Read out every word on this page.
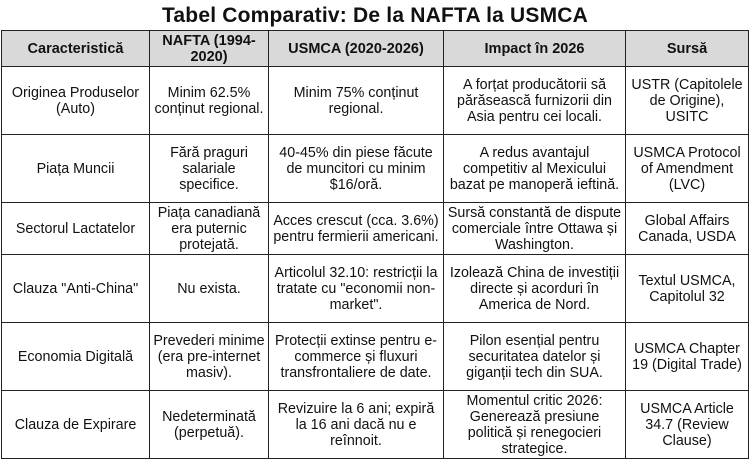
Tabel Comparativ: De la NAFTA la USMCA
Caracteristică	NAFTA (1994-2020)	USMCA (2020-2026)	Impact în 2026	Sursă
Originea Produselor (Auto)	Minim 62.5% conținut regional.	Minim 75% conținut regional.	A forțat producătorii să părăsească furnizorii din Asia pentru cei locali.	USTR (Capitolele de Origine), USITC
Piața Muncii	Fără praguri salariale specifice.	40-45% din piese făcute de muncitori cu minim $16/oră.	A redus avantajul competitiv al Mexicului bazat pe manoperă ieftină.	USMCA Protocol of Amendment (LVC)
Sectorul Lactatelor	Piața canadiană era puternic protejată.	Acces crescut (cca. 3.6%) pentru fermierii americani.	Sursă constantă de dispute comerciale între Ottawa și Washington.	Global Affairs Canada, USDA
Clauza "Anti-China"	Nu exista.	Articolul 32.10: restricții la tratate cu "economii non-market".	Izolează China de investiții directe și acorduri în America de Nord.	Textul USMCA, Capitolul 32
Economia Digitală	Prevederi minime (era pre-internet masiv).	Protecții extinse pentru e-commerce și fluxuri transfrontaliere de date.	Pilon esențial pentru securitatea datelor și giganții tech din SUA.	USMCA Chapter 19 (Digital Trade)
Clauza de Expirare	Nedeterminată (perpetuă).	Revizuire la 6 ani; expiră la 16 ani dacă nu e reînnoit.	Momentul critic 2026: Generează presiune politică și renegocieri strategice.	USMCA Article 34.7 (Review Clause)
